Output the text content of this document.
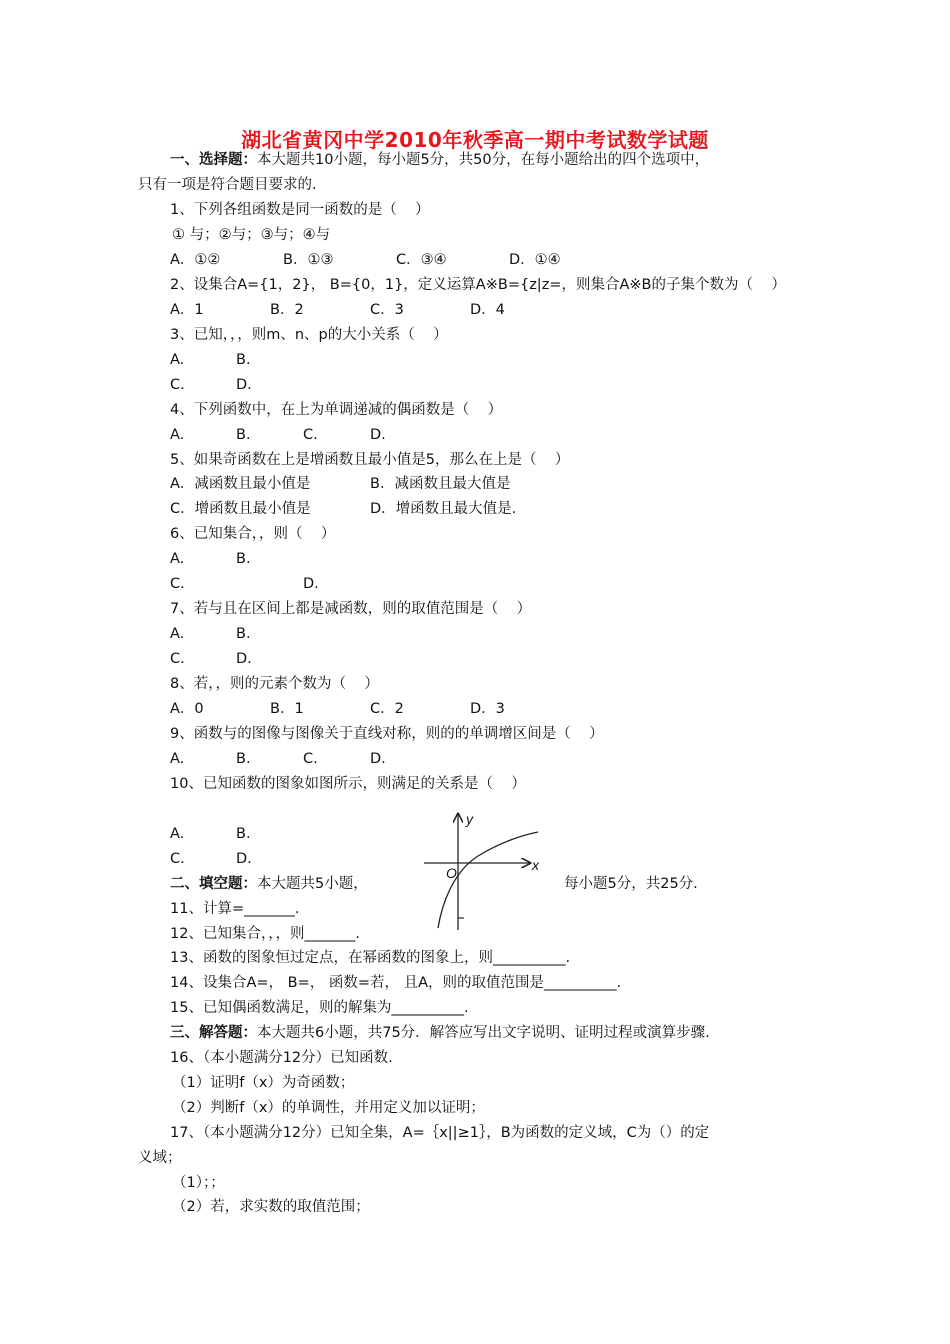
湖北省黄冈中学2010年秋季高一期中考试数学试题
一、选择题：本大题共10小题，每小题5分，共50分，在每小题给出的四个选项中，
只有一项是符合题目要求的.
1、下列各组函数是同一函数的是（    ）
① 与；②与；③与；④与
A．①②	B．①③	C．③④	D．①④
2、设集合A={1，2}， B={0，1}，定义运算A※B={z|z=，则集合A※B的子集个数为（    ）
A．1	B．2	C．3	D．4
3、已知，，，则m、n、p的大小关系（    ）
A.	B.
C.	D.
4、下列函数中，在上为单调递减的偶函数是（    ）
A.	B.	C.	D.
5、如果奇函数在上是增函数且最小值是5，那么在上是（    ）
A．减函数且最小值是	B．减函数且最大值是
C．增函数且最小值是	D．增函数且最大值是.
6、已知集合，，则（    ）
A.	B.
C.	D.
7、若与且在区间上都是减函数，则的取值范围是（    ）
A.	B.
C.	D.
8、若，，则的元素个数为（    ）
A．0	B．1	C．2	D．3
9、函数与的图像与图像关于直线对称，则的的单调增区间是（    ）
A.	B.	C.	D.
10、已知函数的图象如图所示，则满足的关系是（    ）
A.	B.
C.	D.
y
x
O
二、填空题：本大题共5小题，	每小题5分，共25分.
11、计算=_______.
12、已知集合，，，则_______.
13、函数的图象恒过定点，在幂函数的图象上，则__________.
14、设集合A=， B=， 函数=若， 且A，则的取值范围是__________.
15、已知偶函数满足，则的解集为__________.
三、解答题：本大题共6小题，共75分．解答应写出文字说明、证明过程或演算步骤.
16、（本小题满分12分）已知函数.
（1）证明f（x）为奇函数；
（2）判断f（x）的单调性，并用定义加以证明；
17、（本小题满分12分）已知全集，A=｛x||≥1｝，B为函数的定义域，C为（）的定
义域；
（1）；；
（2）若，求实数的取值范围；
